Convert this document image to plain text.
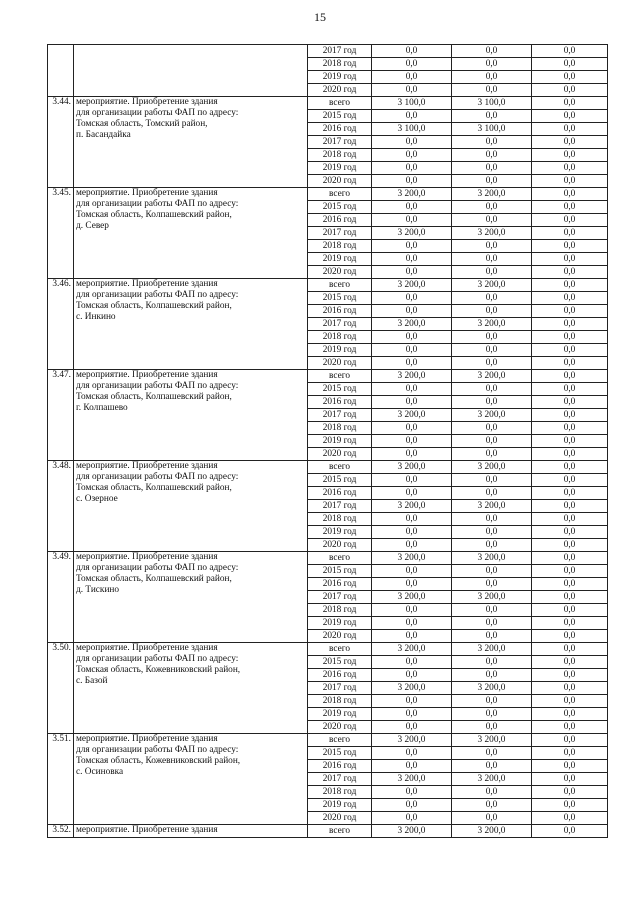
15
		2017 год	0,0	0,0	0,0
		2018 год	0,0	0,0	0,0
		2019 год	0,0	0,0	0,0
		2020 год	0,0	0,0	0,0
3.44.	мероприятие. Приобретение здания
для организации работы ФАП по адресу:
Томская область, Томский район,
п. Басандайка	всего	3 100,0	3 100,0	0,0
		2015 год	0,0	0,0	0,0
		2016 год	3 100,0	3 100,0	0,0
		2017 год	0,0	0,0	0,0
		2018 год	0,0	0,0	0,0
		2019 год	0,0	0,0	0,0
		2020 год	0,0	0,0	0,0
3.45.	мероприятие. Приобретение здания
для организации работы ФАП по адресу:
Томская область, Колпашевский район,
д. Север	всего	3 200,0	3 200,0	0,0
		2015 год	0,0	0,0	0,0
		2016 год	0,0	0,0	0,0
		2017 год	3 200,0	3 200,0	0,0
		2018 год	0,0	0,0	0,0
		2019 год	0,0	0,0	0,0
		2020 год	0,0	0,0	0,0
3.46.	мероприятие. Приобретение здания
для организации работы ФАП по адресу:
Томская область, Колпашевский район,
с. Инкино	всего	3 200,0	3 200,0	0,0
		2015 год	0,0	0,0	0,0
		2016 год	0,0	0,0	0,0
		2017 год	3 200,0	3 200,0	0,0
		2018 год	0,0	0,0	0,0
		2019 год	0,0	0,0	0,0
		2020 год	0,0	0,0	0,0
3.47.	мероприятие. Приобретение здания
для организации работы ФАП по адресу:
Томская область, Колпашевский район,
г. Колпашево	всего	3 200,0	3 200,0	0,0
		2015 год	0,0	0,0	0,0
		2016 год	0,0	0,0	0,0
		2017 год	3 200,0	3 200,0	0,0
		2018 год	0,0	0,0	0,0
		2019 год	0,0	0,0	0,0
		2020 год	0,0	0,0	0,0
3.48.	мероприятие. Приобретение здания
для организации работы ФАП по адресу:
Томская область, Колпашевский район,
с. Озерное	всего	3 200,0	3 200,0	0,0
		2015 год	0,0	0,0	0,0
		2016 год	0,0	0,0	0,0
		2017 год	3 200,0	3 200,0	0,0
		2018 год	0,0	0,0	0,0
		2019 год	0,0	0,0	0,0
		2020 год	0,0	0,0	0,0
3.49.	мероприятие. Приобретение здания
для организации работы ФАП по адресу:
Томская область, Колпашевский район,
д. Тискино	всего	3 200,0	3 200,0	0,0
		2015 год	0,0	0,0	0,0
		2016 год	0,0	0,0	0,0
		2017 год	3 200,0	3 200,0	0,0
		2018 год	0,0	0,0	0,0
		2019 год	0,0	0,0	0,0
		2020 год	0,0	0,0	0,0
3.50.	мероприятие. Приобретение здания
для организации работы ФАП по адресу:
Томская область, Кожевниковский район,
с. Базой	всего	3 200,0	3 200,0	0,0
		2015 год	0,0	0,0	0,0
		2016 год	0,0	0,0	0,0
		2017 год	3 200,0	3 200,0	0,0
		2018 год	0,0	0,0	0,0
		2019 год	0,0	0,0	0,0
		2020 год	0,0	0,0	0,0
3.51.	мероприятие. Приобретение здания
для организации работы ФАП по адресу:
Томская область, Кожевниковский район,
с. Осиновка	всего	3 200,0	3 200,0	0,0
		2015 год	0,0	0,0	0,0
		2016 год	0,0	0,0	0,0
		2017 год	3 200,0	3 200,0	0,0
		2018 год	0,0	0,0	0,0
		2019 год	0,0	0,0	0,0
		2020 год	0,0	0,0	0,0
3.52.	мероприятие. Приобретение здания	всего	3 200,0	3 200,0	0,0
